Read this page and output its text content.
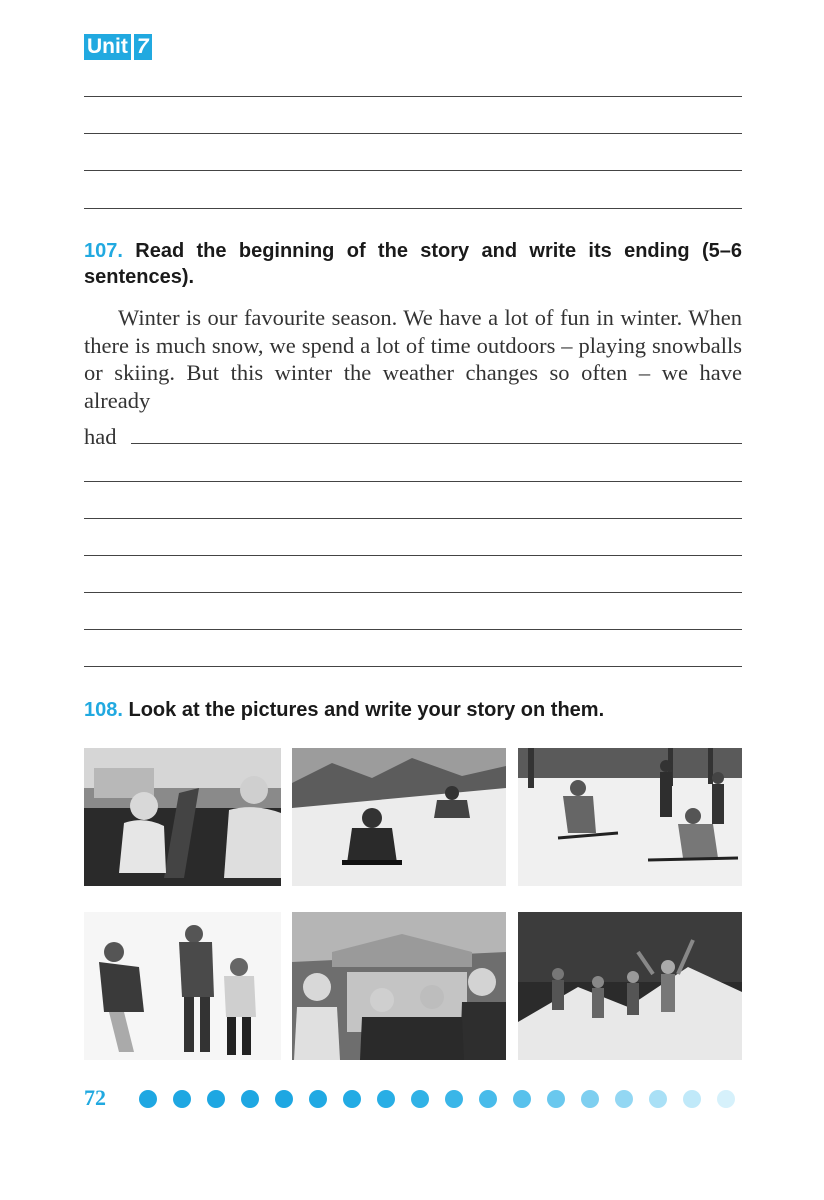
Unit 7
107. Read the beginning of the story and write its ending (5–6 sentences).
Winter is our favourite season. We have a lot of fun in winter. When there is much snow, we spend a lot of time outdoors – playing snowballs or skiing. But this winter the weather changes so often – we have already
had
108. Look at the pictures and write your story on them.
72
